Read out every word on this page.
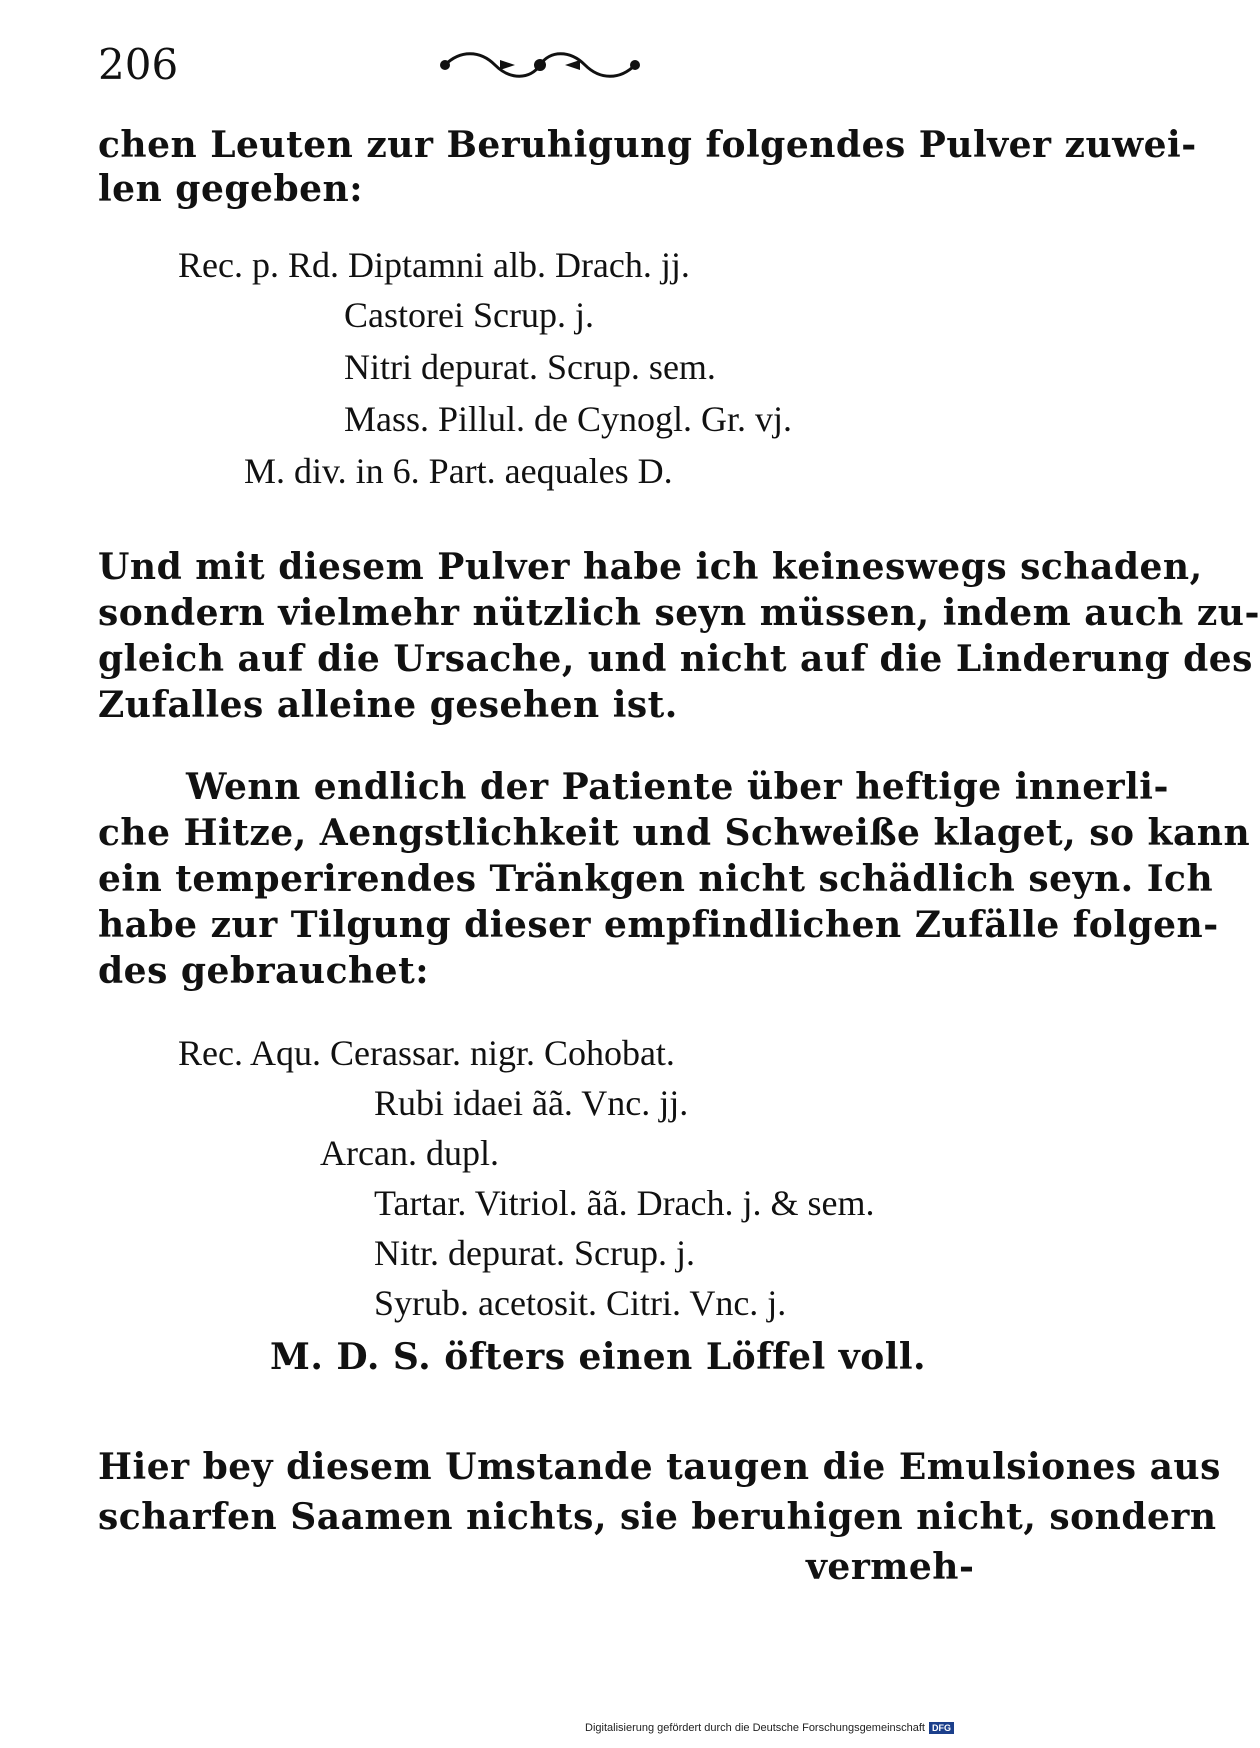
206
chen Leuten zur Beruhigung folgendes Pulver zuwei-
len gegeben:
Rec. p. Rd. Diptamni alb. Drach. jj.
Castorei Scrup. j.
Nitri depurat. Scrup. sem.
Mass. Pillul. de Cynogl. Gr. vj.
M. div. in 6. Part. aequales D.
Und mit diesem Pulver habe ich keineswegs schaden,
sondern vielmehr nützlich seyn müssen, indem auch zu-
gleich auf die Ursache, und nicht auf die Linderung des
Zufalles alleine gesehen ist.
Wenn endlich der Patiente über heftige innerli-
che Hitze, Aengstlichkeit und Schweiße klaget, so kann
ein temperirendes Tränkgen nicht schädlich seyn. Ich
habe zur Tilgung dieser empfindlichen Zufälle folgen-
des gebrauchet:
Rec. Aqu. Cerassar. nigr. Cohobat.
Rubi idaei ãã. Vnc. jj.
Arcan. dupl.
Tartar. Vitriol. ãã. Drach. j. & sem.
Nitr. depurat. Scrup. j.
Syrub. acetosit. Citri. Vnc. j.
M. D. S. öfters einen Löffel voll.
Hier bey diesem Umstande taugen die Emulsiones aus
scharfen Saamen nichts, sie beruhigen nicht, sondern
vermeh-
Digitalisierung gefördert durch die Deutsche Forschungsgemeinschaft DFG
